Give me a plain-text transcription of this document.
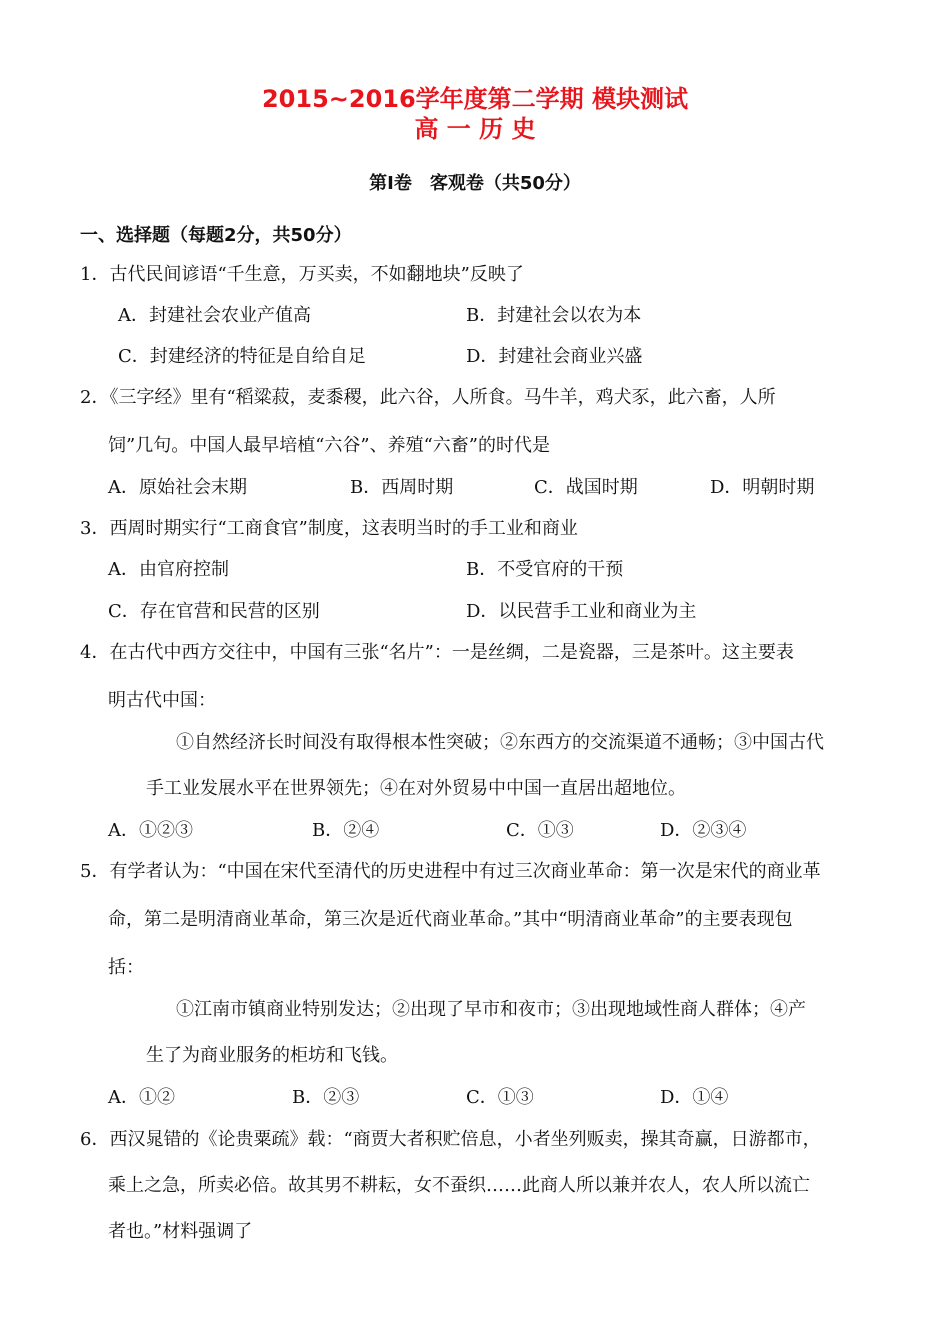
2015~2016学年度第二学期 模块测试
高 一 历 史
第Ⅰ卷　客观卷（共50分）
一、选择题（每题2分，共50分）
1．古代民间谚语“千生意，万买卖，不如翻地块”反映了
A．封建社会农业产值高	B．封建社会以农为本
C．封建经济的特征是自给自足	D．封建社会商业兴盛
2．《三字经》里有“稻粱菽，麦黍稷，此六谷，人所食。马牛羊，鸡犬豕，此六畜，人所
饲”几句。中国人最早培植“六谷”、养殖“六畜”的时代是
A．原始社会末期	B．西周时期	C．战国时期	D．明朝时期
3．西周时期实行“工商食官”制度，这表明当时的手工业和商业
A．由官府控制	B．不受官府的干预
C．存在官营和民营的区别	D．以民营手工业和商业为主
4．在古代中西方交往中，中国有三张“名片”：一是丝绸，二是瓷器，三是茶叶。这主要表
明古代中国：
①自然经济长时间没有取得根本性突破；②东西方的交流渠道不通畅；③中国古代
手工业发展水平在世界领先；④在对外贸易中中国一直居出超地位。
A．①②③	B．②④	C．①③	D．②③④
5．有学者认为：“中国在宋代至清代的历史进程中有过三次商业革命：第一次是宋代的商业革
命，第二是明清商业革命，第三次是近代商业革命。”其中“明清商业革命”的主要表现包
括：
①江南市镇商业特别发达；②出现了早市和夜市；③出现地域性商人群体；④产
生了为商业服务的柜坊和飞钱。
A．①②	B．②③	C．①③	D．①④
6．西汉晁错的《论贵粟疏》载：“商贾大者积贮倍息，小者坐列贩卖，操其奇赢，日游都市，
乘上之急，所卖必倍。故其男不耕耘，女不蚕织……此商人所以兼并农人，农人所以流亡
者也。”材料强调了
